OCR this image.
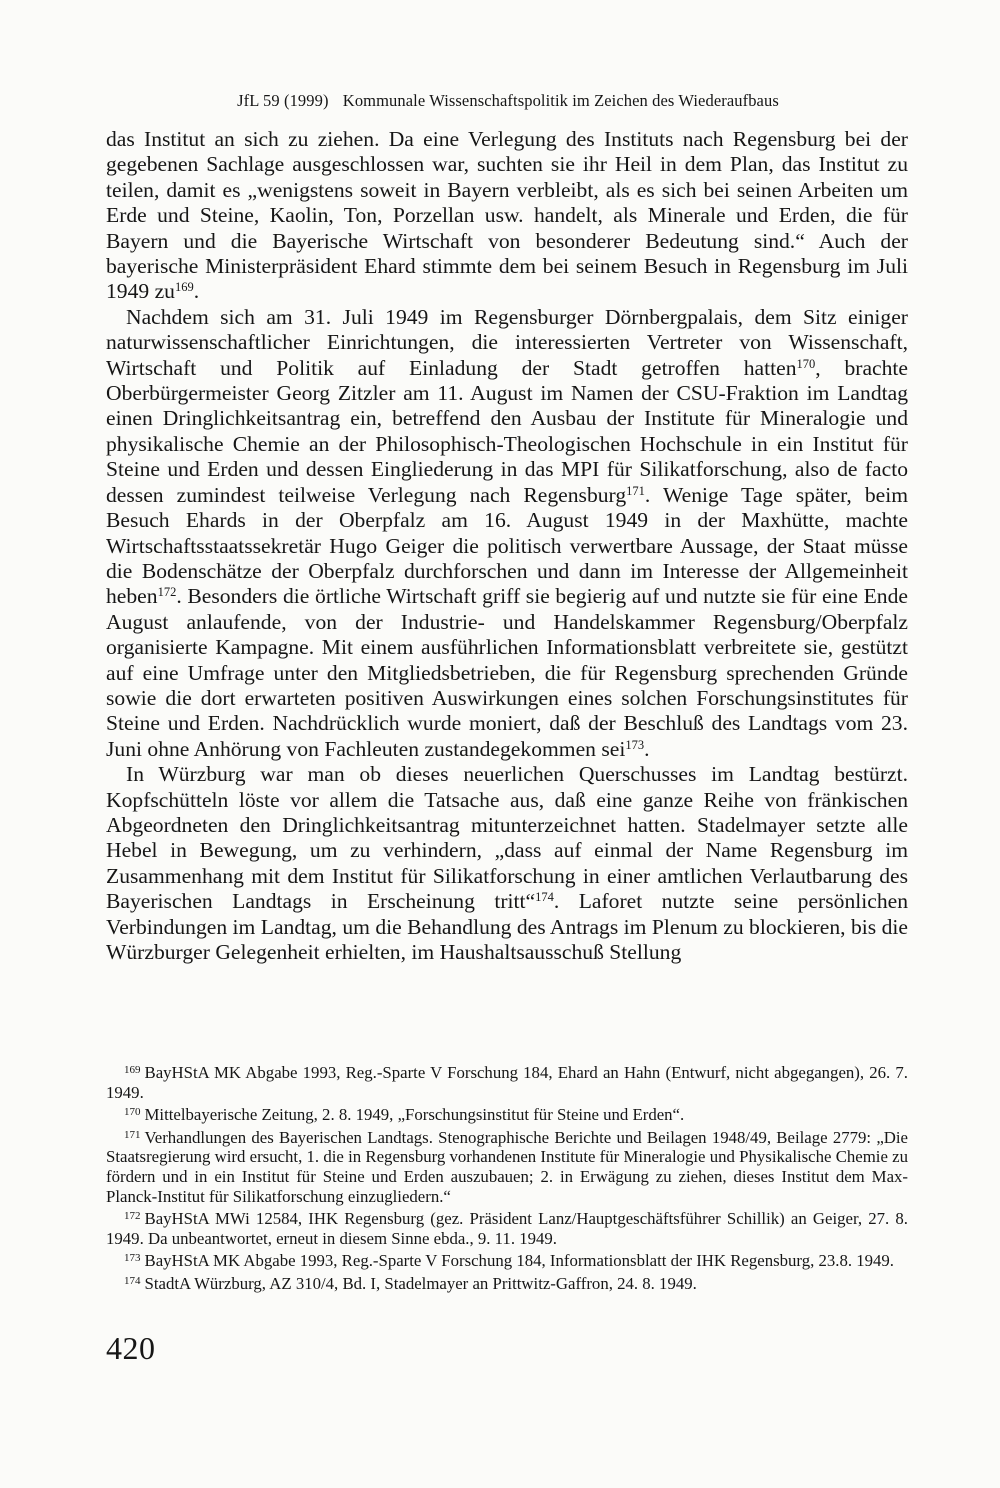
JfL 59 (1999) Kommunale Wissenschaftspolitik im Zeichen des Wiederaufbaus

das Institut an sich zu ziehen. Da eine Verlegung des Instituts nach Regensburg bei der gegebenen Sachlage ausgeschlossen war, suchten sie ihr Heil in dem Plan, das Institut zu teilen, damit es „wenigstens soweit in Bayern verbleibt, als es sich bei seinen Arbeiten um Erde und Steine, Kaolin, Ton, Porzellan usw. handelt, als Minerale und Erden, die für Bayern und die Bayerische Wirtschaft von besonderer Bedeutung sind.“ Auch der bayerische Ministerpräsident Ehard stimmte dem bei seinem Besuch in Regensburg im Juli 1949 zu$^{169}$.

Nachdem sich am 31. Juli 1949 im Regensburger Dörnbergpalais, dem Sitz einiger naturwissenschaftlicher Einrichtungen, die interessierten Vertreter von Wissenschaft, Wirtschaft und Politik auf Einladung der Stadt getroffen hatten$^{170}$, brachte Oberbürgermeister Georg Zitzler am 11. August im Namen der CSU-Fraktion im Landtag einen Dringlichkeitsantrag ein, betreffend den Ausbau der Institute für Mineralogie und physikalische Chemie an der Philosophisch-Theologischen Hochschule in ein Institut für Steine und Erden und dessen Eingliederung in das MPI für Silikatforschung, also de facto dessen zumindest teilweise Verlegung nach Regensburg$^{171}$. Wenige Tage später, beim Besuch Ehards in der Oberpfalz am 16. August 1949 in der Maxhütte, machte Wirtschaftsstaatssekretär Hugo Geiger die politisch verwertbare Aussage, der Staat müsse die Bodenschätze der Oberpfalz durchforschen und dann im Interesse der Allgemeinheit heben$^{172}$. Besonders die örtliche Wirtschaft griff sie begierig auf und nutzte sie für eine Ende August anlaufende, von der Industrie- und Handelskammer Regensburg/Oberpfalz organisierte Kampagne. Mit einem ausführlichen Informationsblatt verbreitete sie, gestützt auf eine Umfrage unter den Mitgliedsbetrieben, die für Regensburg sprechenden Gründe sowie die dort erwarteten positiven Auswirkungen eines solchen Forschungsinstitutes für Steine und Erden. Nachdrücklich wurde moniert, daß der Beschluß des Landtags vom 23. Juni ohne Anhörung von Fachleuten zustandegekommen sei$^{173}$.

In Würzburg war man ob dieses neuerlichen Querschusses im Landtag bestürzt. Kopfschütteln löste vor allem die Tatsache aus, daß eine ganze Reihe von fränkischen Abgeordneten den Dringlichkeitsantrag mitunterzeichnet hatten. Stadelmayer setzte alle Hebel in Bewegung, um zu verhindern, „dass auf einmal der Name Regensburg im Zusammenhang mit dem Institut für Silikatforschung in einer amtlichen Verlautbarung des Bayerischen Landtags in Erscheinung tritt“$^{174}$. Laforet nutzte seine persönlichen Verbindungen im Landtag, um die Behandlung des Antrags im Plenum zu blockieren, bis die Würzburger Gelegenheit erhielten, im Haushaltsausschuß Stellung

$^{169}$ BayHStA MK Abgabe 1993, Reg.-Sparte V Forschung 184, Ehard an Hahn (Entwurf, nicht abgegangen), 26. 7. 1949.

$^{170}$ Mittelbayerische Zeitung, 2. 8. 1949, „Forschungsinstitut für Steine und Erden“.

$^{171}$ Verhandlungen des Bayerischen Landtags. Stenographische Berichte und Beilagen 1948/49, Beilage 2779: „Die Staatsregierung wird ersucht, 1. die in Regensburg vorhandenen Institute für Mineralogie und Physikalische Chemie zu fördern und in ein Institut für Steine und Erden auszubauen; 2. in Erwägung zu ziehen, dieses Institut dem Max-Planck-Institut für Silikatforschung einzugliedern.“

$^{172}$ BayHStA MWi 12584, IHK Regensburg (gez. Präsident Lanz/Hauptgeschäftsführer Schillik) an Geiger, 27. 8. 1949. Da unbeantwortet, erneut in diesem Sinne ebda., 9. 11. 1949.

$^{173}$ BayHStA MK Abgabe 1993, Reg.-Sparte V Forschung 184, Informationsblatt der IHK Regensburg, 23.8. 1949.

$^{174}$ StadtA Würzburg, AZ 310/4, Bd. I, Stadelmayer an Prittwitz-Gaffron, 24. 8. 1949.

420
